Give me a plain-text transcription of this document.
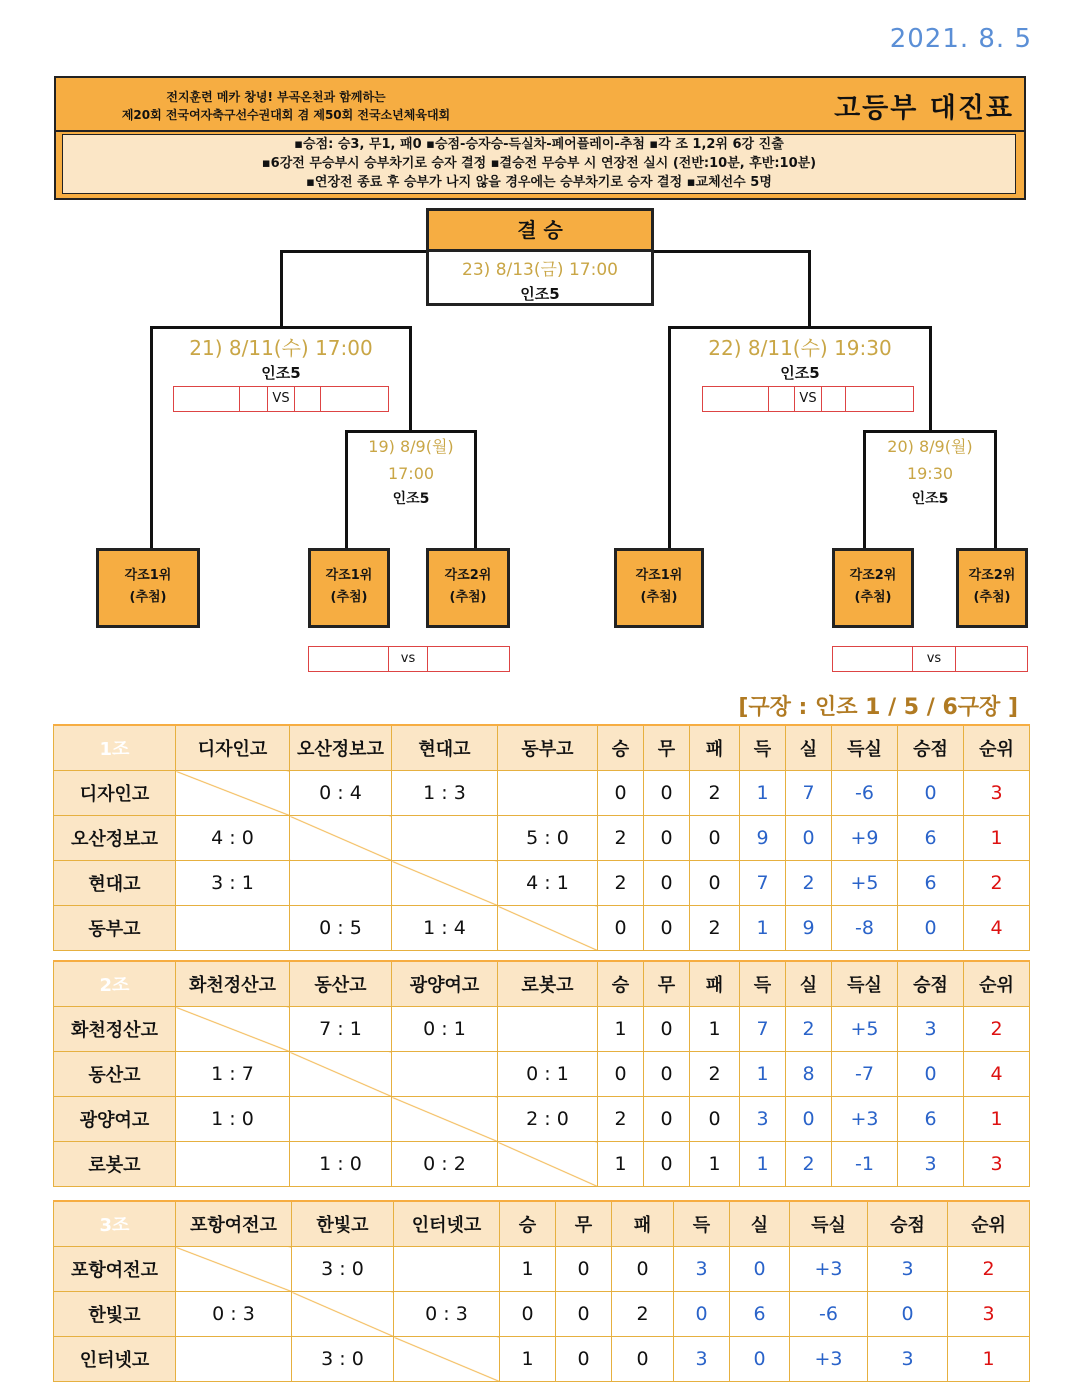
2021. 8. 5
전지훈련 메카 창녕! 부곡온천과 함께하는
제20회 전국여자축구선수권대회 겸 제50회 전국소년체육대회	고등부 대진표
▪승점: 승3, 무1, 패0 ▪승점-승자승-득실차-페어플레이-추첨 ▪각 조 1,2위 6강 진출
▪6강전 무승부시 승부차기로 승자 결정 ▪결승전 무승부 시 연장전 실시 (전반:10분, 후반:10분)
▪연장전 종료 후 승부가 나지 않을 경우에는 승부차기로 승자 결정 ▪교체선수 5명
결 승
23) 8/13(금) 17:00
인조5
21) 8/11(수) 17:00
인조5
VS
19) 8/9(월)
17:00
인조5
22) 8/11(수) 19:30
인조5
VS
20) 8/9(월)
19:30
인조5
각조1위
(추첨)
각조1위
(추첨)
각조2위
(추첨)
각조1위
(추첨)
각조2위
(추첨)
각조2위
(추첨)
vs	vs
[구장 : 인조 1 / 5 / 6구장 ]
1조	디자인고	오산정보고	현대고	동부고	승	무	패	득	실	득실	승점	순위
디자인고		0 : 4	1 : 3		0	0	2	1	7	-6	0	3
오산정보고	4 : 0			5 : 0	2	0	0	9	0	+9	6	1
현대고	3 : 1			4 : 1	2	0	0	7	2	+5	6	2
동부고		0 : 5	1 : 4		0	0	2	1	9	-8	0	4
2조	화천정산고	동산고	광양여고	로봇고	승	무	패	득	실	득실	승점	순위
화천정산고		7 : 1	0 : 1		1	0	1	7	2	+5	3	2
동산고	1 : 7			0 : 1	0	0	2	1	8	-7	0	4
광양여고	1 : 0			2 : 0	2	0	0	3	0	+3	6	1
로봇고		1 : 0	0 : 2		1	0	1	1	2	-1	3	3
3조	포항여전고	한빛고	인터넷고	승	무	패	득	실	득실	승점	순위
포항여전고		3 : 0		1	0	0	3	0	+3	3	2
한빛고	0 : 3		0 : 3	0	0	2	0	6	-6	0	3
인터넷고		3 : 0		1	0	0	3	0	+3	3	1
